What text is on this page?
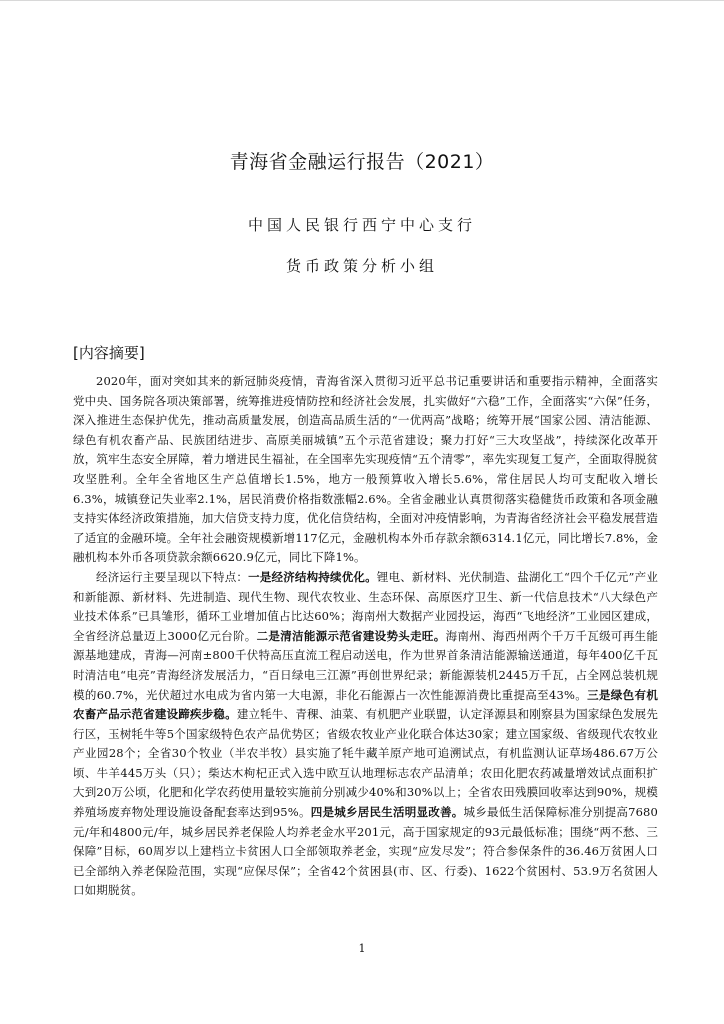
青海省金融运行报告（2021）
中国人民银行西宁中心支行
货币政策分析小组
[内容摘要]

2020年，面对突如其来的新冠肺炎疫情，青海省深入贯彻习近平总书记重要讲话和重要指示精神，全面落实党中央、国务院各项决策部署，统筹推进疫情防控和经济社会发展，扎实做好“六稳”工作，全面落实“六保”任务，深入推进生态保护优先，推动高质量发展，创造高品质生活的“一优两高”战略；统筹开展“国家公园、清洁能源、绿色有机农畜产品、民族团结进步、高原美丽城镇”五个示范省建设；聚力打好“三大攻坚战”，持续深化改革开放，筑牢生态安全屏障，着力增进民生福祉，在全国率先实现疫情“五个清零”，率先实现复工复产，全面取得脱贫攻坚胜利。全年全省地区生产总值增长1.5%，地方一般预算收入增长5.6%，常住居民人均可支配收入增长6.3%，城镇登记失业率2.1%，居民消费价格指数涨幅2.6%。全省金融业认真贯彻落实稳健货币政策和各项金融支持实体经济政策措施，加大信贷支持力度，优化信贷结构，全面对冲疫情影响，为青海省经济社会平稳发展营造了适宜的金融环境。全年社会融资规模新增117亿元，金融机构本外币存款余额6314.1亿元，同比增长7.8%，金融机构本外币各项贷款余额6620.9亿元，同比下降1%。

经济运行主要呈现以下特点：一是经济结构持续优化。锂电、新材料、光伏制造、盐湖化工“四个千亿元”产业和新能源、新材料、先进制造、现代生物、现代农牧业、生态环保、高原医疗卫生、新一代信息技术“八大绿色产业技术体系”已具雏形，循环工业增加值占比达60%；海南州大数据产业园投运，海西“飞地经济”工业园区建成，全省经济总量迈上3000亿元台阶。二是清洁能源示范省建设势头走旺。海南州、海西州两个千万千瓦级可再生能源基地建成，青海—河南±800千伏特高压直流工程启动送电，作为世界首条清洁能源输送通道，每年400亿千瓦时清洁电“电亮”青海经济发展活力，“百日绿电三江源”再创世界纪录；新能源装机2445万千瓦，占全网总装机规模的60.7%，光伏超过水电成为省内第一大电源，非化石能源占一次性能源消费比重提高至43%。三是绿色有机农畜产品示范省建设蹄疾步稳。建立牦牛、青稞、油菜、有机肥产业联盟，认定泽源县和刚察县为国家绿色发展先行区，玉树牦牛等5个国家级特色农产品优势区；省级农牧业产业化联合体达30家；建立国家级、省级现代农牧业产业园28个；全省30个牧业（半农半牧）县实施了牦牛藏羊原产地可追溯试点，有机监测认证草场486.67万公顷、牛羊445万头（只）；柴达木枸杞正式入选中欧互认地理标志农产品清单；农田化肥农药减量增效试点面积扩大到20万公顷，化肥和化学农药使用量较实施前分别减少40%和30%以上；全省农田残膜回收率达到90%，规模养殖场废弃物处理设施设备配套率达到95%。四是城乡居民生活明显改善。城乡最低生活保障标准分别提高7680元/年和4800元/年，城乡居民养老保险人均养老金水平201元，高于国家规定的93元最低标准；围绕“两不愁、三保障”目标，60周岁以上建档立卡贫困人口全部领取养老金，实现“应发尽发”；符合参保条件的36.46万贫困人口已全部纳入养老保险范围，实现“应保尽保”；全省42个贫困县(市、区、行委)、1622个贫困村、53.9万名贫困人口如期脱贫。

1
